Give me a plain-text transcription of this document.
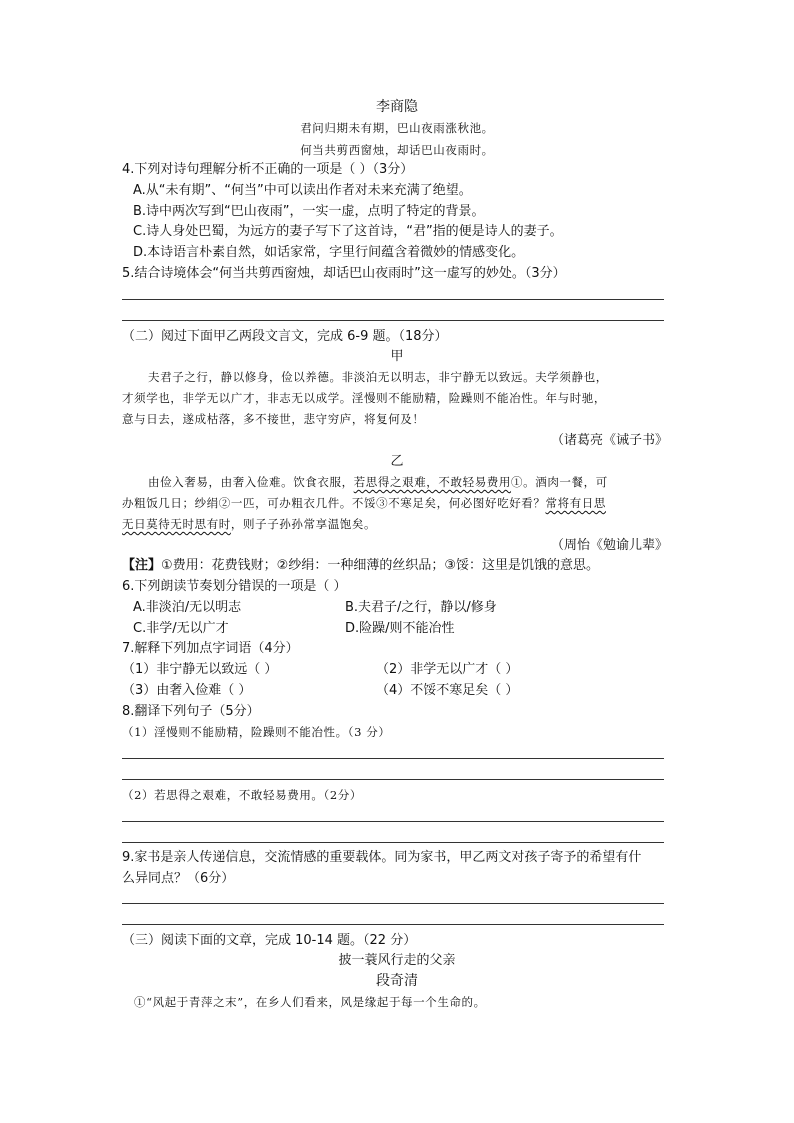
李商隐
君问归期未有期，巴山夜雨涨秋池。
何当共剪西窗烛，却话巴山夜雨时。
4.下列对诗句理解分析不正确的一项是（ ）（3分）
A.从“未有期”、“何当”中可以读出作者对未来充满了绝望。
B.诗中两次写到“巴山夜雨”，一实一虚，点明了特定的背景。
C.诗人身处巴蜀，为远方的妻子写下了这首诗，“君”指的便是诗人的妻子。
D.本诗语言朴素自然，如话家常，字里行间蕴含着微妙的情感变化。
5.结合诗境体会“何当共剪西窗烛，却话巴山夜雨时”这一虚写的妙处。（3分）
（二）阅过下面甲乙两段文言文，完成 6-9 题。（18分）
甲
夫君子之行，静以修身，俭以养德。非淡泊无以明志，非宁静无以致远。夫学须静也，
才须学也，非学无以广才，非志无以成学。淫慢则不能励精，险躁则不能冶性。年与时驰，
意与日去，遂成枯落，多不接世，悲守穷庐，将复何及！
（诸葛亮《诫子书》
乙
由俭入奢易，由奢入俭难。饮食衣服，若思得之艰难，不敢轻易费用①。酒肉一餐，可
办粗饭几日；纱绢②一匹，可办粗衣几件。不馁③不寒足矣，何必图好吃好看？常将有日思
无日莫待无时思有时，则子子孙孙常享温饱矣。
（周怡《勉谕儿辈》
【注】①费用：花费钱财；②纱绢：一种细薄的丝织品；③馁：这里是饥饿的意思。
6.下列朗读节奏划分错误的一项是（ ）
A.非淡泊/无以明志	B.夫君子/之行，静以/修身
C.非学/无以广才	D.险躁/则不能冶性
7.解释下列加点字词语（4分）
（1）非宁静无以致远（ ）	（2）非学无以广才（ ）
（3）由奢入俭难（ ）	（4）不馁不寒足矣（ ）
8.翻译下列句子（5分）
（1）淫慢则不能励精，险躁则不能冶性。（3 分）
（2）若思得之艰难，不敢轻易费用。（2分）
9.家书是亲人传递信息，交流情感的重要载体。同为家书，甲乙两文对孩子寄予的希望有什
么异同点？（6分）
（三）阅读下面的文章，完成 10-14 题。（22 分）
披一蓑风行走的父亲
段奇清
①“风起于青萍之末”，在乡人们看来，风是缘起于每一个生命的。
